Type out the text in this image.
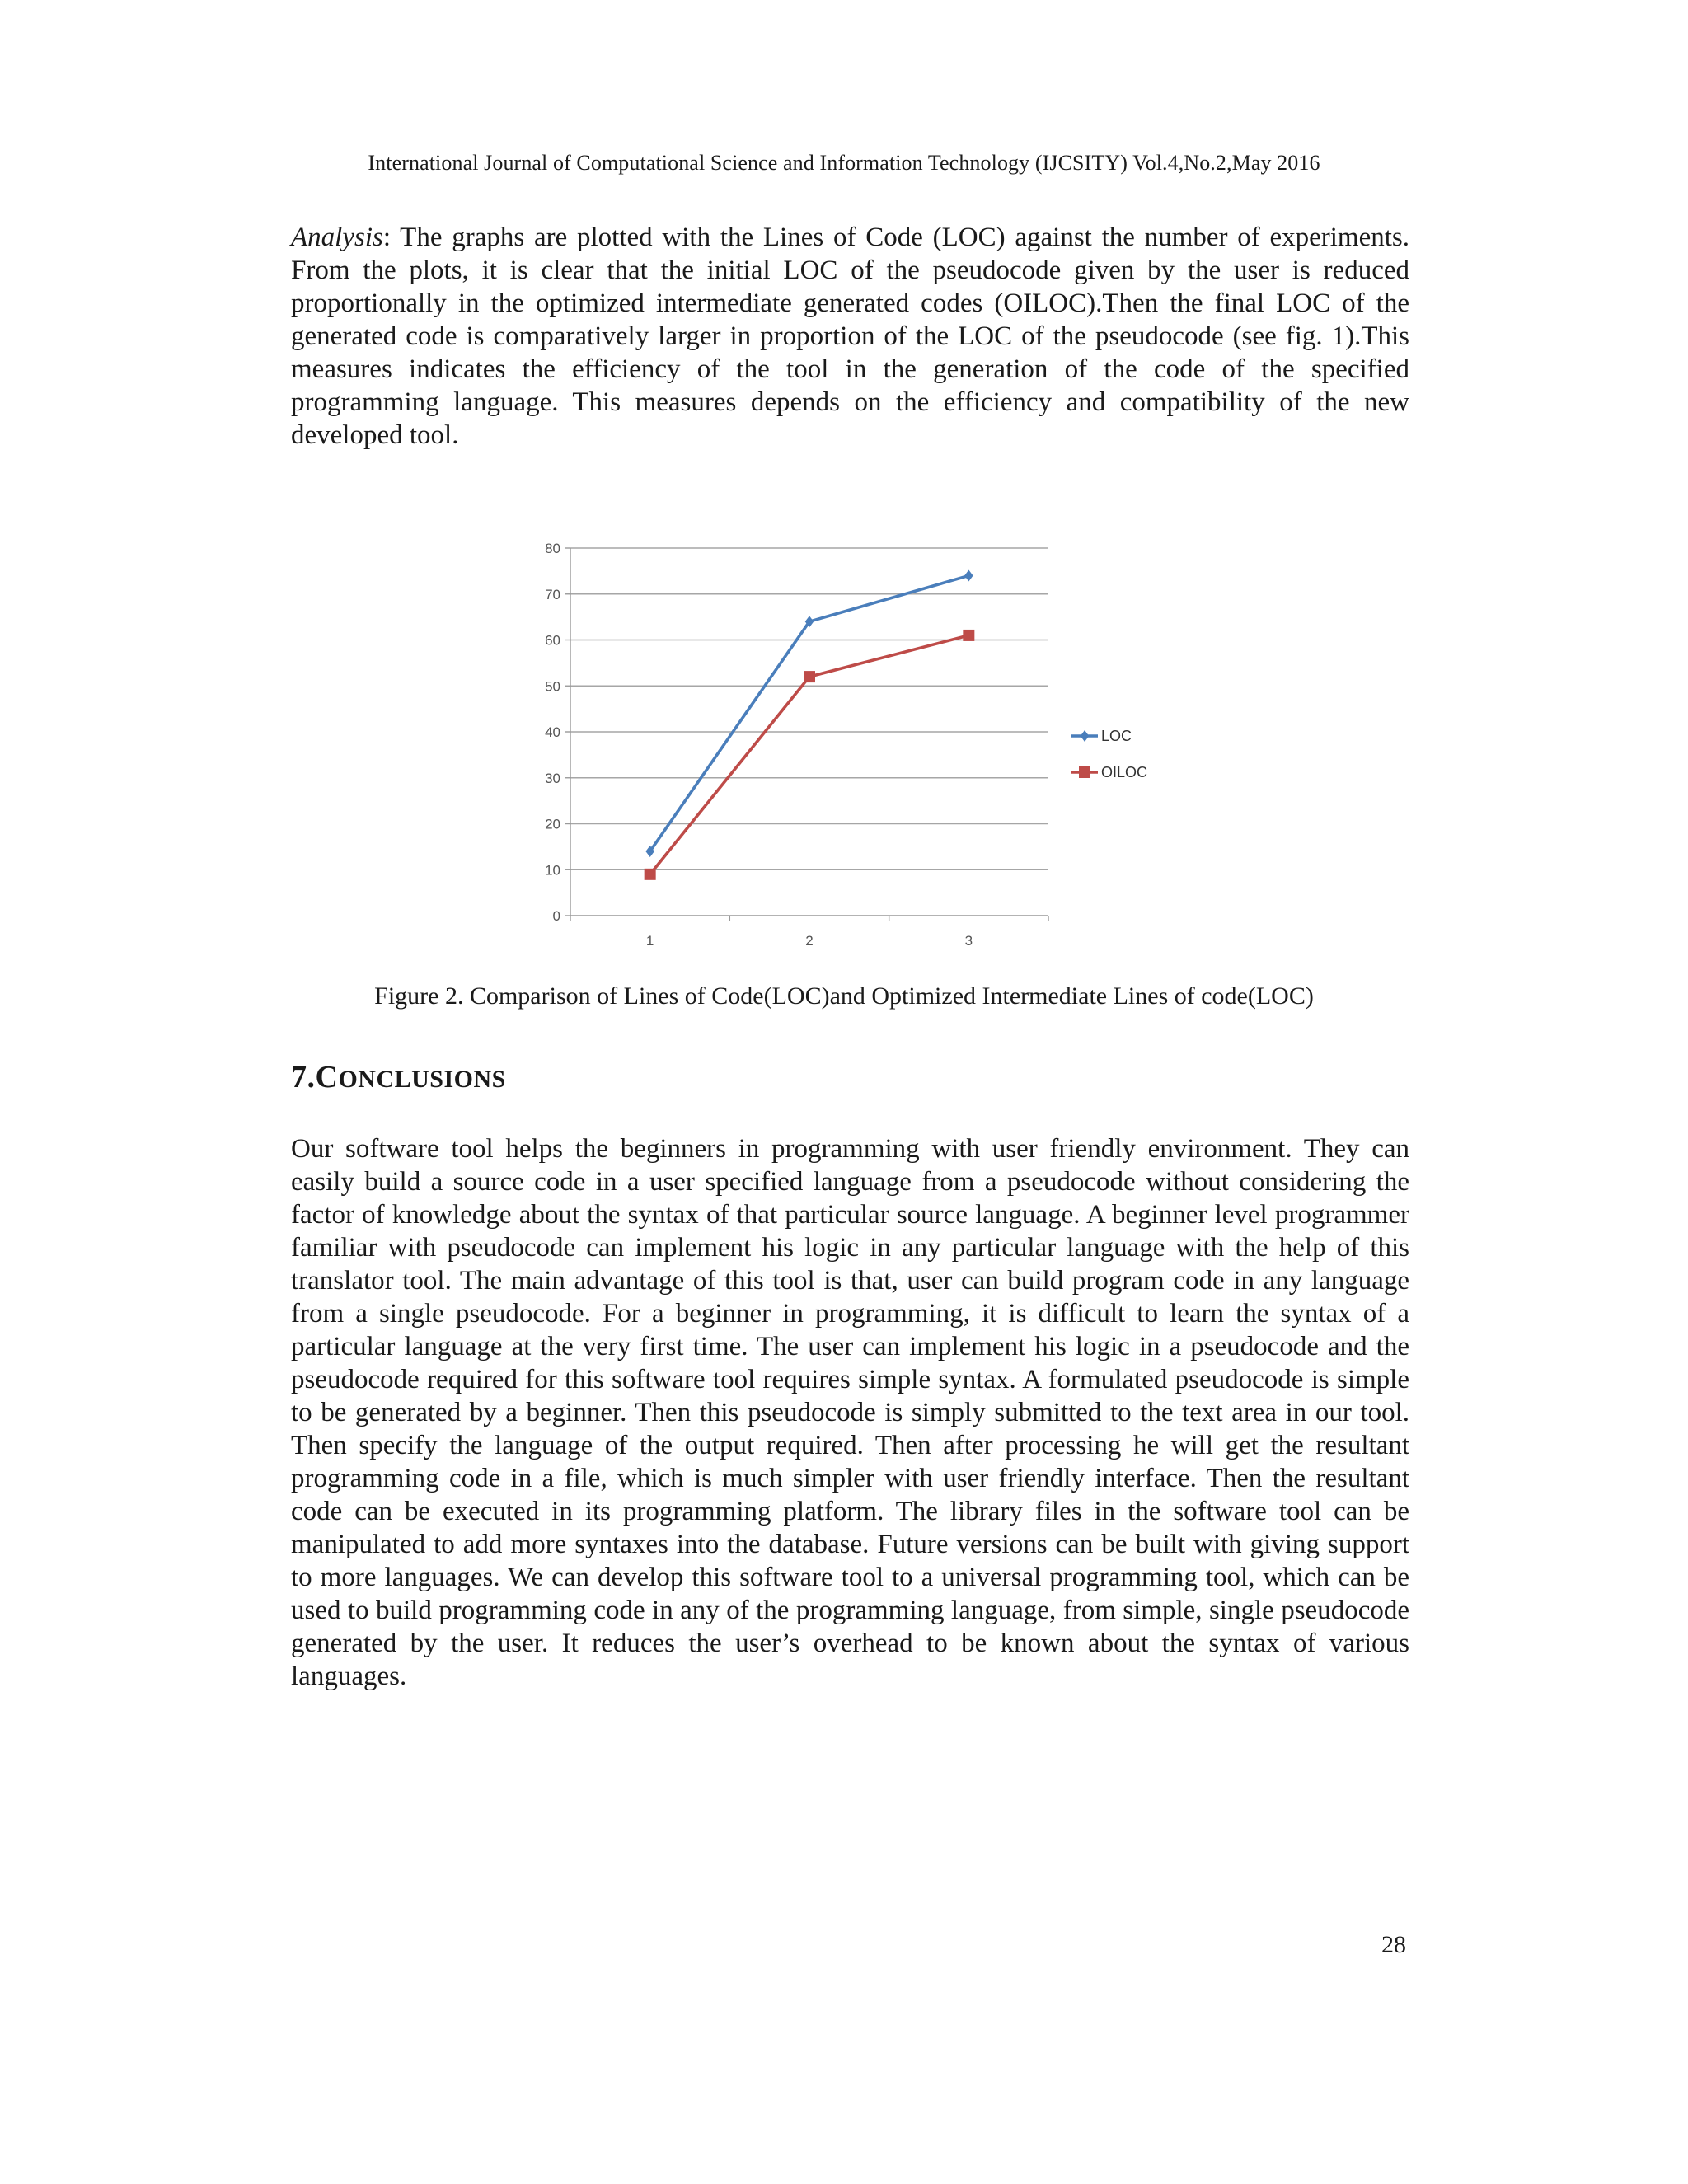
International Journal of Computational Science and Information Technology (IJCSITY) Vol.4,No.2,May 2016

Analysis: The graphs are plotted with the Lines of Code (LOC) against the number of experiments. From the plots, it is clear that the initial LOC of the pseudocode given by the user is reduced proportionally in the optimized intermediate generated codes (OILOC).Then the final LOC of the generated code is comparatively larger in proportion of the LOC of the pseudocode (see fig. 1).This measures indicates the efficiency of the tool in the generation of the code of the specified programming language. This measures depends on the efficiency and compatibility of the new developed tool.

0
10
20
30
40
50
60
70
80
1	2	3
LOC
OILOC
Figure 2. Comparison of Lines of Code(LOC)and Optimized Intermediate Lines of code(LOC)
7.CONCLUSIONS

Our software tool helps the beginners in programming with user friendly environment. They can easily build a source code in a user specified language from a pseudocode without considering the factor of knowledge about the syntax of that particular source language. A beginner level programmer familiar with pseudocode can implement his logic in any particular language with the help of this translator tool. The main advantage of this tool is that, user can build program code in any language from a single pseudocode. For a beginner in programming, it is difficult to learn the syntax of a particular language at the very first time. The user can implement his logic in a pseudocode and the pseudocode required for this software tool requires simple syntax. A formulated pseudocode is simple to be generated by a beginner. Then this pseudocode is simply submitted to the text area in our tool. Then specify the language of the output required. Then after processing he will get the resultant programming code in a file, which is much simpler with user friendly interface. Then the resultant code can be executed in its programming platform. The library files in the software tool can be manipulated to add more syntaxes into the database. Future versions can be built with giving support to more languages. We can develop this software tool to a universal programming tool, which can be used to build programming code in any of the programming language, from simple, single pseudocode generated by the user. It reduces the user’s overhead to be known about the syntax of various languages.

28
